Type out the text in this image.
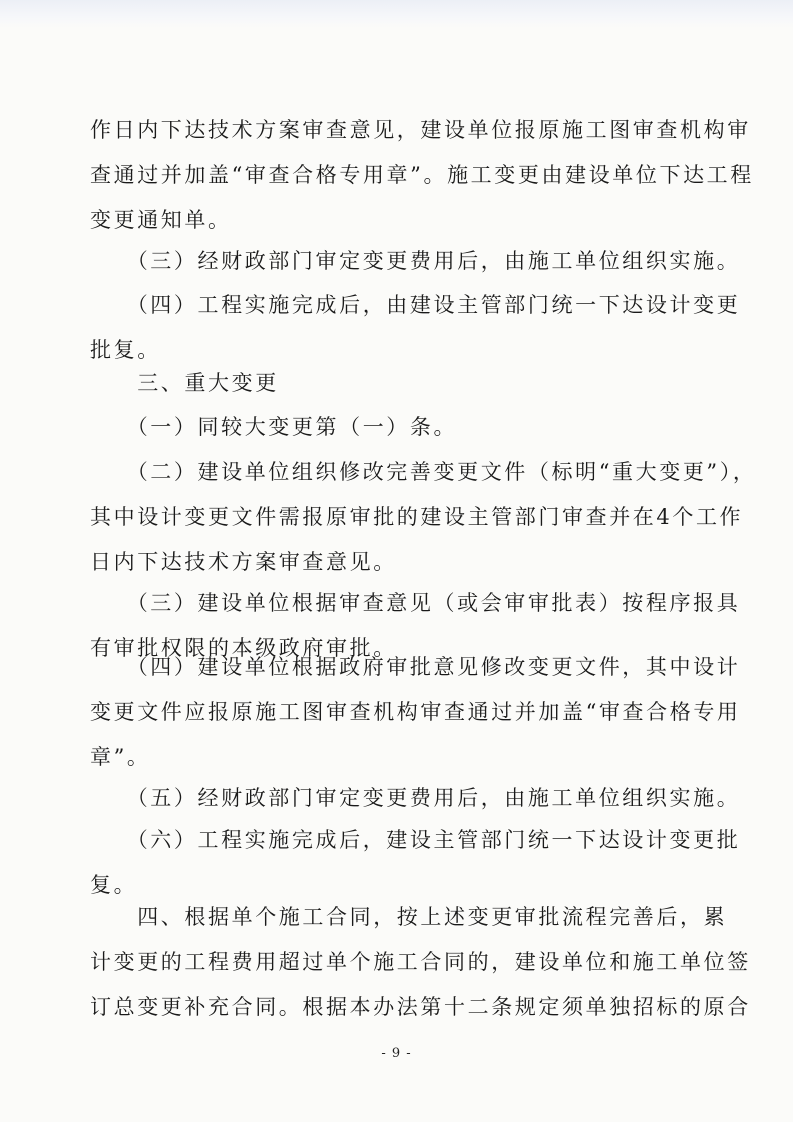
作日内下达技术方案审查意见，建设单位报原施工图审查机构审
查通过并加盖“审查合格专用章”。施工变更由建设单位下达工程
变更通知单。

　　（三）经财政部门审定变更费用后，由施工单位组织实施。

　　（四）工程实施完成后，由建设主管部门统一下达设计变更
批复。

　　三、重大变更

　　（一）同较大变更第（一）条。

　　（二）建设单位组织修改完善变更文件（标明“重大变更”），
其中设计变更文件需报原审批的建设主管部门审查并在4个工作
日内下达技术方案审查意见。

　　（三）建设单位根据审查意见（或会审审批表）按程序报具
有审批权限的本级政府审批。

　　（四）建设单位根据政府审批意见修改变更文件，其中设计
变更文件应报原施工图审查机构审查通过并加盖“审查合格专用
章”。

　　（五）经财政部门审定变更费用后，由施工单位组织实施。

　　（六）工程实施完成后，建设主管部门统一下达设计变更批
复。

　　四、根据单个施工合同，按上述变更审批流程完善后，累
计变更的工程费用超过单个施工合同的，建设单位和施工单位签
订总变更补充合同。根据本办法第十二条规定须单独招标的原合

- 9 -
